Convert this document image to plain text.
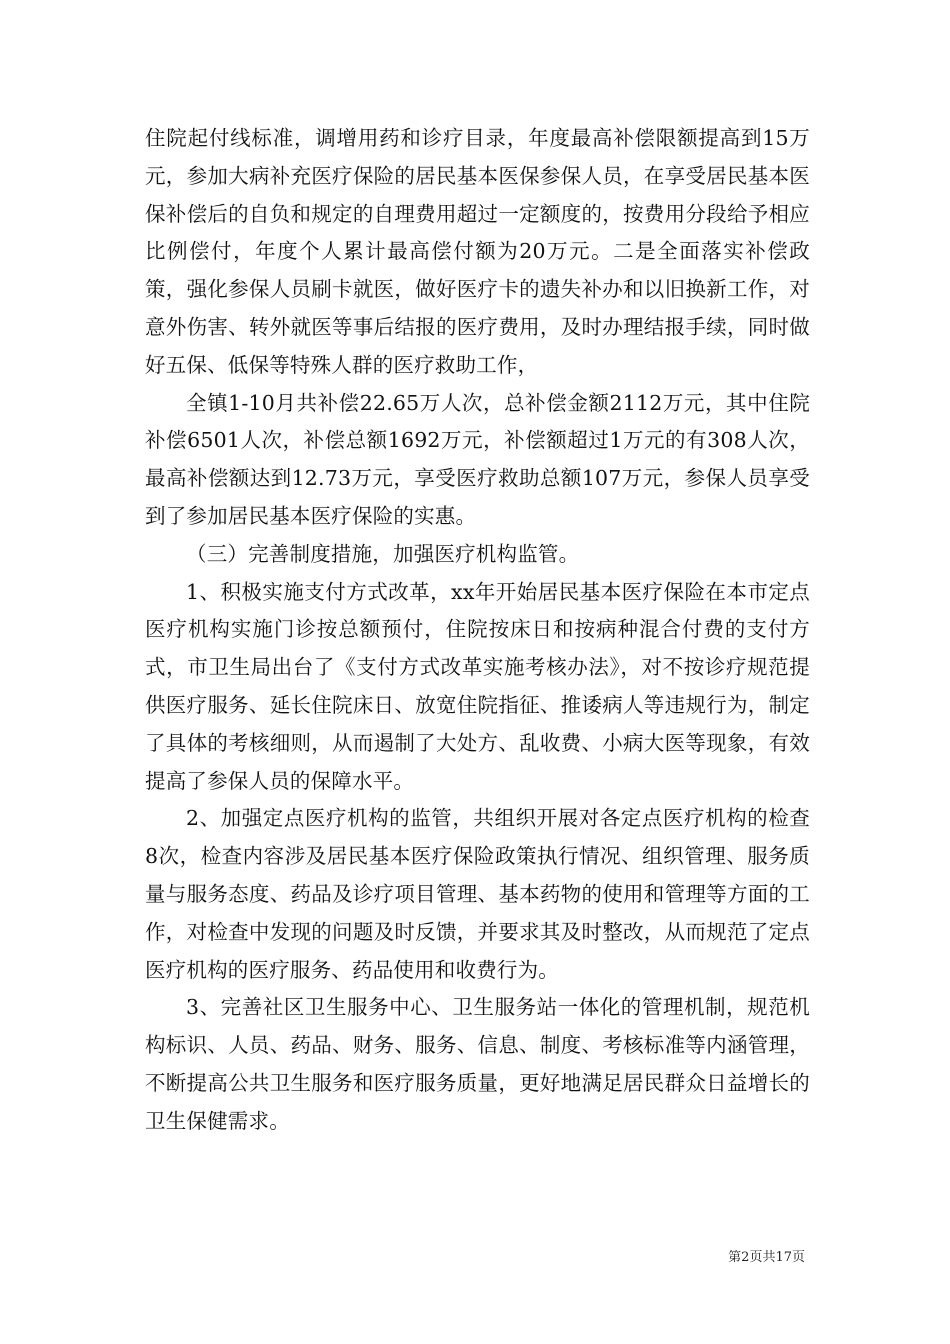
住院起付线标准，调增用药和诊疗目录，年度最高补偿限额提高到15万元，参加大病补充医疗保险的居民基本医保参保人员，在享受居民基本医保补偿后的自负和规定的自理费用超过一定额度的，按费用分段给予相应比例偿付，年度个人累计最高偿付额为20万元。二是全面落实补偿政策，强化参保人员刷卡就医，做好医疗卡的遗失补办和以旧换新工作，对意外伤害、转外就医等事后结报的医疗费用，及时办理结报手续，同时做好五保、低保等特殊人群的医疗救助工作，

全镇1-10月共补偿22.65万人次，总补偿金额2112万元，其中住院补偿6501人次，补偿总额1692万元，补偿额超过1万元的有308人次，最高补偿额达到12.73万元，享受医疗救助总额107万元，参保人员享受到了参加居民基本医疗保险的实惠。

（三）完善制度措施，加强医疗机构监管。

1、积极实施支付方式改革，xx年开始居民基本医疗保险在本市定点医疗机构实施门诊按总额预付，住院按床日和按病种混合付费的支付方式，市卫生局出台了《支付方式改革实施考核办法》，对不按诊疗规范提供医疗服务、延长住院床日、放宽住院指征、推诿病人等违规行为，制定了具体的考核细则，从而遏制了大处方、乱收费、小病大医等现象，有效提高了参保人员的保障水平。

2、加强定点医疗机构的监管，共组织开展对各定点医疗机构的检查8次，检查内容涉及居民基本医疗保险政策执行情况、组织管理、服务质量与服务态度、药品及诊疗项目管理、基本药物的使用和管理等方面的工作，对检查中发现的问题及时反馈，并要求其及时整改，从而规范了定点医疗机构的医疗服务、药品使用和收费行为。

3、完善社区卫生服务中心、卫生服务站一体化的管理机制，规范机构标识、人员、药品、财务、服务、信息、制度、考核标准等内涵管理，不断提高公共卫生服务和医疗服务质量，更好地满足居民群众日益增长的卫生保健需求。

第2页共17页
